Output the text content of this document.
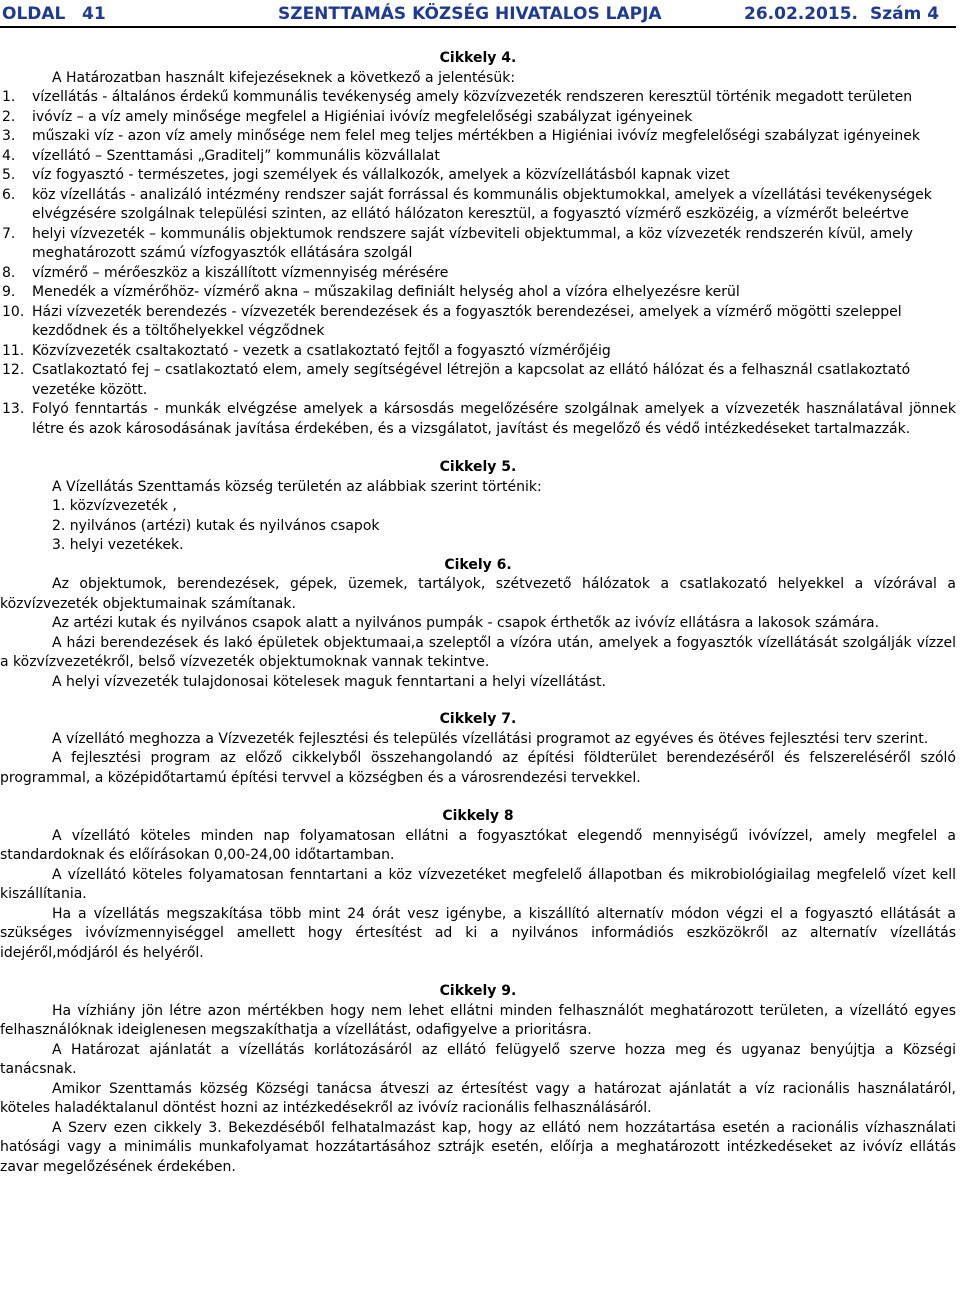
OLDAL 41	SZENTTAMÁS KÖZSÉG HIVATALOS LAPJA	26.02.2015. Szám 4
Cikkely 4.
A Határozatban használt kifejezéseknek a következő a jelentésük:
1.	vízellátás - általános érdekű kommunális tevékenység amely közvízvezeték rendszeren keresztül történik megadott területen
2.	ivóvíz – a víz amely minősége megfelel a Higiéniai ivóvíz megfelelőségi szabályzat igényeinek
3.	műszaki víz - azon víz amely minősége nem felel meg teljes mértékben a Higiéniai ivóvíz megfelelőségi szabályzat igényeinek
4.	vízellátó – Szenttamási „Graditelj” kommunális közvállalat
5.	víz fogyasztó - természetes, jogi személyek és vállalkozók, amelyek a közvízellátásból kapnak vizet
6.	köz vízellátás - analizáló intézmény rendszer saját forrással és kommunális objektumokkal, amelyek a vízellátási tevékenységek elvégzésére szolgálnak települési szinten, az ellátó hálózaton keresztül, a fogyasztó vízmérő eszközéig, a vízmérőt beleértve
7.	helyi vízvezeték – kommunális objektumok rendszere saját vízbeviteli objektummal, a köz vízvezeték rendszerén kívül, amely meghatározott számú vízfogyasztók ellátására szolgál
8.	vízmérő – mérőeszköz a kiszállított vízmennyiség mérésére
9.	Menedék a vízmérőhöz- vízmérő akna – műszakilag definiált helység ahol a vízóra elhelyezésre kerül
10. Házi vízvezeték berendezés - vízvezeték berendezések és a fogyasztók berendezései, amelyek a vízmérő mögötti szeleppel kezdődnek és a töltőhelyekkel végződnek
11. Közvízvezeték csaltakoztató - vezetk a csatlakoztató fejtől a fogyasztó vízmérőjéig
12. Csatlakoztató fej – csatlakoztató elem, amely segítségével létrejön a kapcsolat az ellátó hálózat és a felhasznál csatlakoztató vezetéke között.
13. Folyó fenntartás - munkák elvégzése amelyek a kársosdás megelőzésére szolgálnak amelyek a vízvezeték használatával jönnek létre és azok károsodásának javítása érdekében, és a vizsgálatot, javítást és megelőző és védő intézkedéseket tartalmazzák.
Cikkely 5.
A Vízellátás Szenttamás község területén az alábbiak szerint történik:
1. közvízvezeték ,
2. nyilvános (artézi) kutak és nyilvános csapok
3. helyi vezetékek.
Cikely 6.

Az objektumok, berendezések, gépek, üzemek, tartályok, szétvezető hálózatok a csatlakozató helyekkel a vízórával a közvízvezeték objektumainak számítanak.

Az artézi kutak és nyilvános csapok alatt a nyilvános pumpák - csapok érthetők az ivóvíz ellátásra a lakosok számára.

A házi berendezések és lakó épületek objektumaai,a szeleptől a vízóra után, amelyek a fogyasztók vízellátását szolgálják vízzel a közvízvezetékről, belső vízvezeték objektumoknak vannak tekintve.

A helyi vízvezeték tulajdonosai kötelesek maguk fenntartani a helyi vízellátást.

Cikkely 7.

A vízellátó meghozza a Vízvezeték fejlesztési és település vízellátási programot az egyéves és ötéves fejlesztési terv szerint.

A fejlesztési program az előző cikkelyből összehangolandó az építési földterület berendezéséről és felszereléséről szóló programmal, a középidőtartamú építési tervvel a községben és a városrendezési tervekkel.

Cikkely 8

A vízellátó köteles minden nap folyamatosan ellátni a fogyasztókat elegendő mennyiségű ivóvízzel, amely megfelel a standardoknak és előírásokan 0,00-24,00 időtartamban.

A vízellátó köteles folyamatosan fenntartani a köz vízvezetéket megfelelő állapotban és mikrobiológiailag megfelelő vízet kell kiszállítania.

Ha a vízellátás megszakítása több mint 24 órát vesz igénybe, a kiszállító alternatív módon végzi el a fogyasztó ellátását a szükséges ivóvízmennyiséggel amellett hogy értesítést ad ki a nyilvános informádiós eszközökről az alternatív vízellátás idejéről,módjáról és helyéről.

Cikkely 9.

Ha vízhiány jön létre azon mértékben hogy nem lehet ellátni minden felhasználót meghatározott területen, a vízellátó egyes felhasználóknak ideiglenesen megszakíthatja a vízellátást, odafigyelve a prioritásra.

A Határozat ajánlatát a vízellátás korlátozásáról az ellátó felügyelő szerve hozza meg és ugyanaz benyújtja a Községi tanácsnak.

Amikor Szenttamás község Községi tanácsa átveszi az értesítést vagy a határozat ajánlatát a víz racionális használatáról, köteles haladéktalanul döntést hozni az intézkedésekről az ivóvíz racionális felhasználásáról.

A Szerv ezen cikkely 3. Bekezdéséből felhatalmazást kap, hogy az ellátó nem hozzátartása esetén a racionális vízhasználati hatósági vagy a minimális munkafolyamat hozzátartásához sztrájk esetén, előírja a meghatározott intézkedéseket az ivóvíz ellátás zavar megelőzésének érdekében.
